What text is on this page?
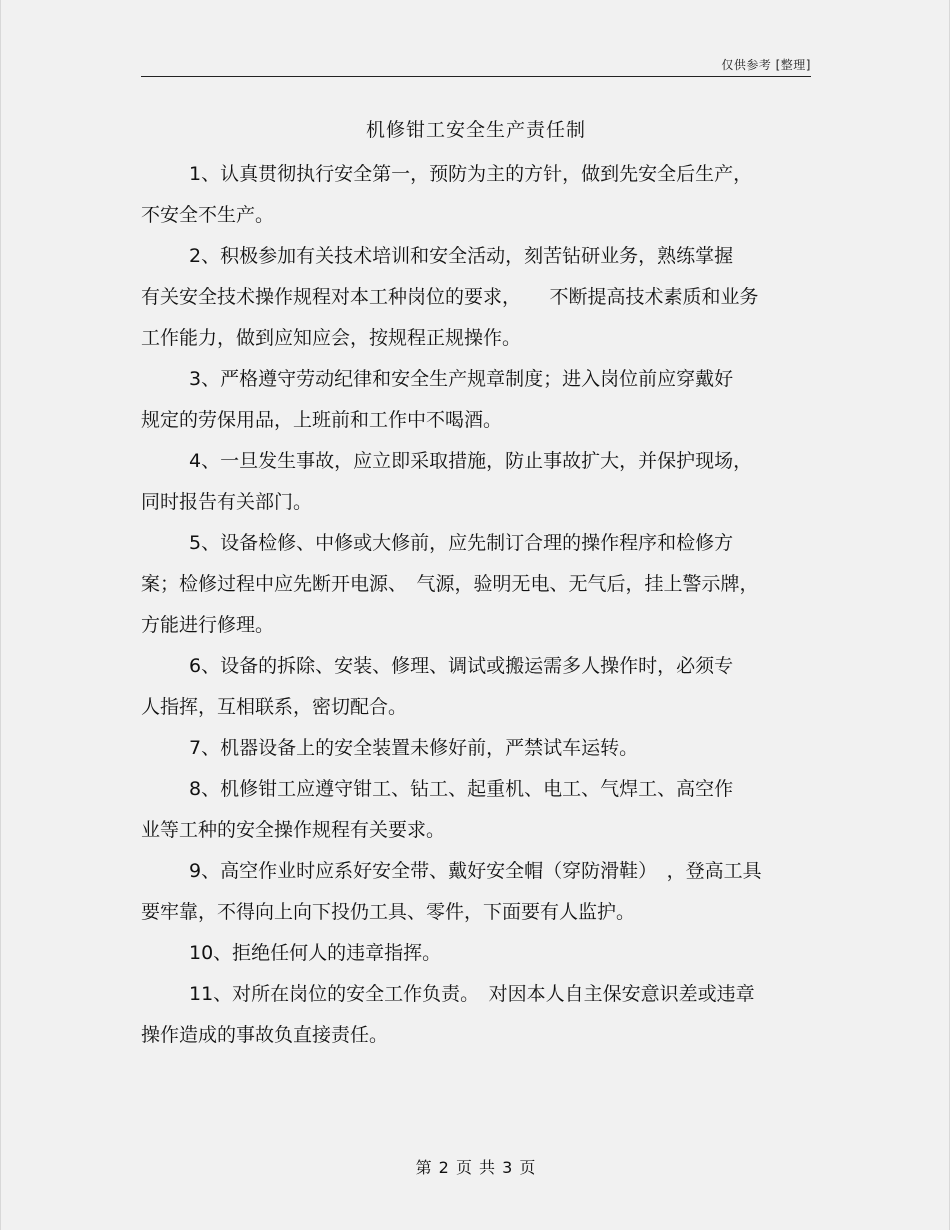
仅供参考 [整理]
机修钳工安全生产责任制

1、认真贯彻执行安全第一，预防为主的方针，做到先安全后生产，
不安全不生产。

2、积极参加有关技术培训和安全活动，刻苦钻研业务，熟练掌握
有关安全技术操作规程对本工种岗位的要求，　　不断提高技术素质和业务
工作能力，做到应知应会，按规程正规操作。

3、严格遵守劳动纪律和安全生产规章制度；进入岗位前应穿戴好
规定的劳保用品，上班前和工作中不喝酒。

4、一旦发生事故，应立即采取措施，防止事故扩大，并保护现场，
同时报告有关部门。

5、设备检修、中修或大修前，应先制订合理的操作程序和检修方
案；检修过程中应先断开电源、　气源，验明无电、无气后，挂上警示牌，
方能进行修理。

6、设备的拆除、安装、修理、调试或搬运需多人操作时，必须专
人指挥，互相联系，密切配合。

7、机器设备上的安全装置未修好前，严禁试车运转。

8、机修钳工应遵守钳工、钻工、起重机、电工、气焊工、高空作
业等工种的安全操作规程有关要求。

9、高空作业时应系好安全带、戴好安全帽（穿防滑鞋）　，登高工具
要牢靠，不得向上向下投仍工具、零件，下面要有人监护。

10、拒绝任何人的违章指挥。

11、对所在岗位的安全工作负责。　对因本人自主保安意识差或违章
操作造成的事故负直接责任。

第 2 页 共 3 页
